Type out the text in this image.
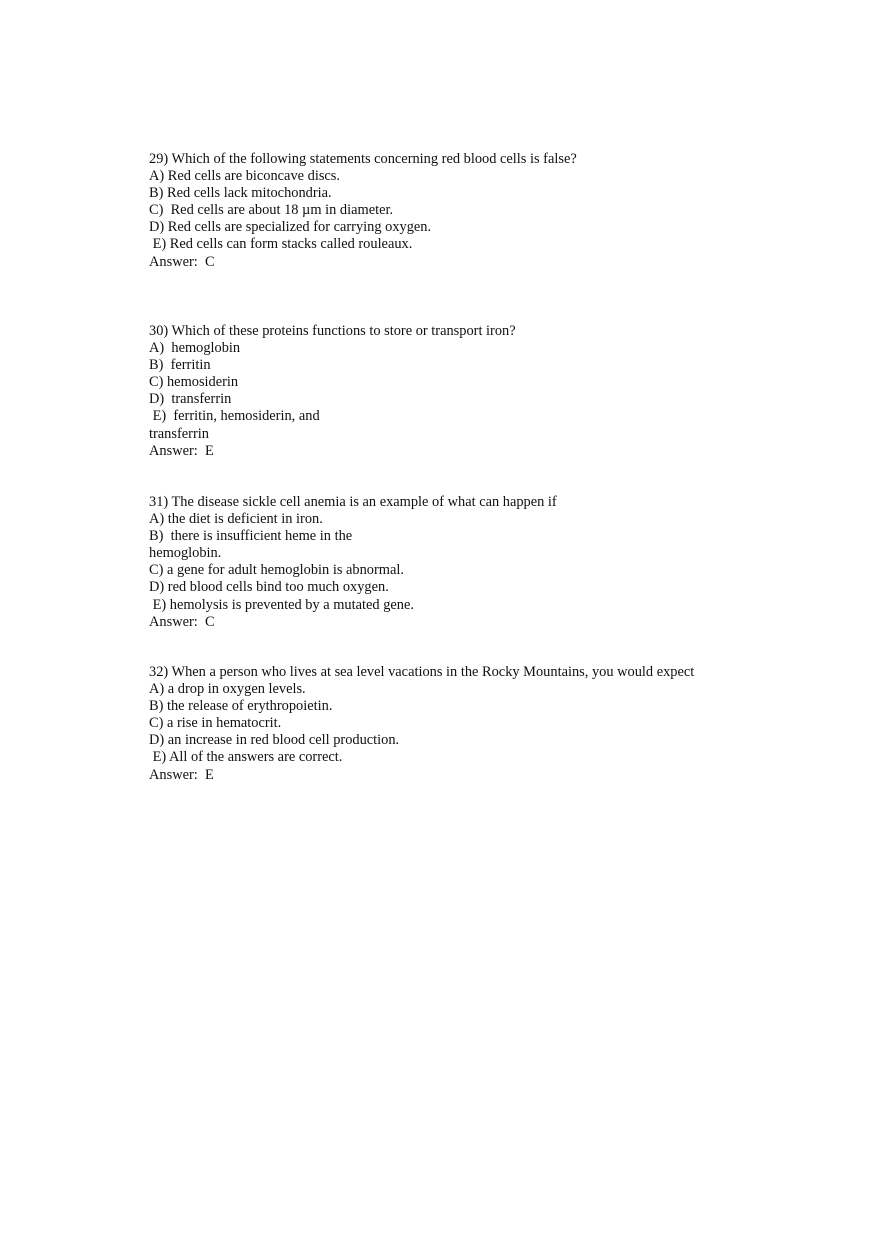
29) Which of the following statements concerning red blood cells is false?
A) Red cells are biconcave discs.
B) Red cells lack mitochondria.
C)  Red cells are about 18 µm in diameter.
D) Red cells are specialized for carrying oxygen.
E) Red cells can form stacks called rouleaux.
Answer:  C
30) Which of these proteins functions to store or transport iron?
A)  hemoglobin
B)  ferritin
C) hemosiderin
D)  transferrin
E)  ferritin, hemosiderin, and
transferrin
Answer:  E
31) The disease sickle cell anemia is an example of what can happen if
A) the diet is deficient in iron.
B)  there is insufficient heme in the
hemoglobin.
C) a gene for adult hemoglobin is abnormal.
D) red blood cells bind too much oxygen.
E) hemolysis is prevented by a mutated gene.
Answer:  C
32) When a person who lives at sea level vacations in the Rocky Mountains, you would expect
A) a drop in oxygen levels.
B) the release of erythropoietin.
C) a rise in hematocrit.
D) an increase in red blood cell production.
E) All of the answers are correct.
Answer:  E
